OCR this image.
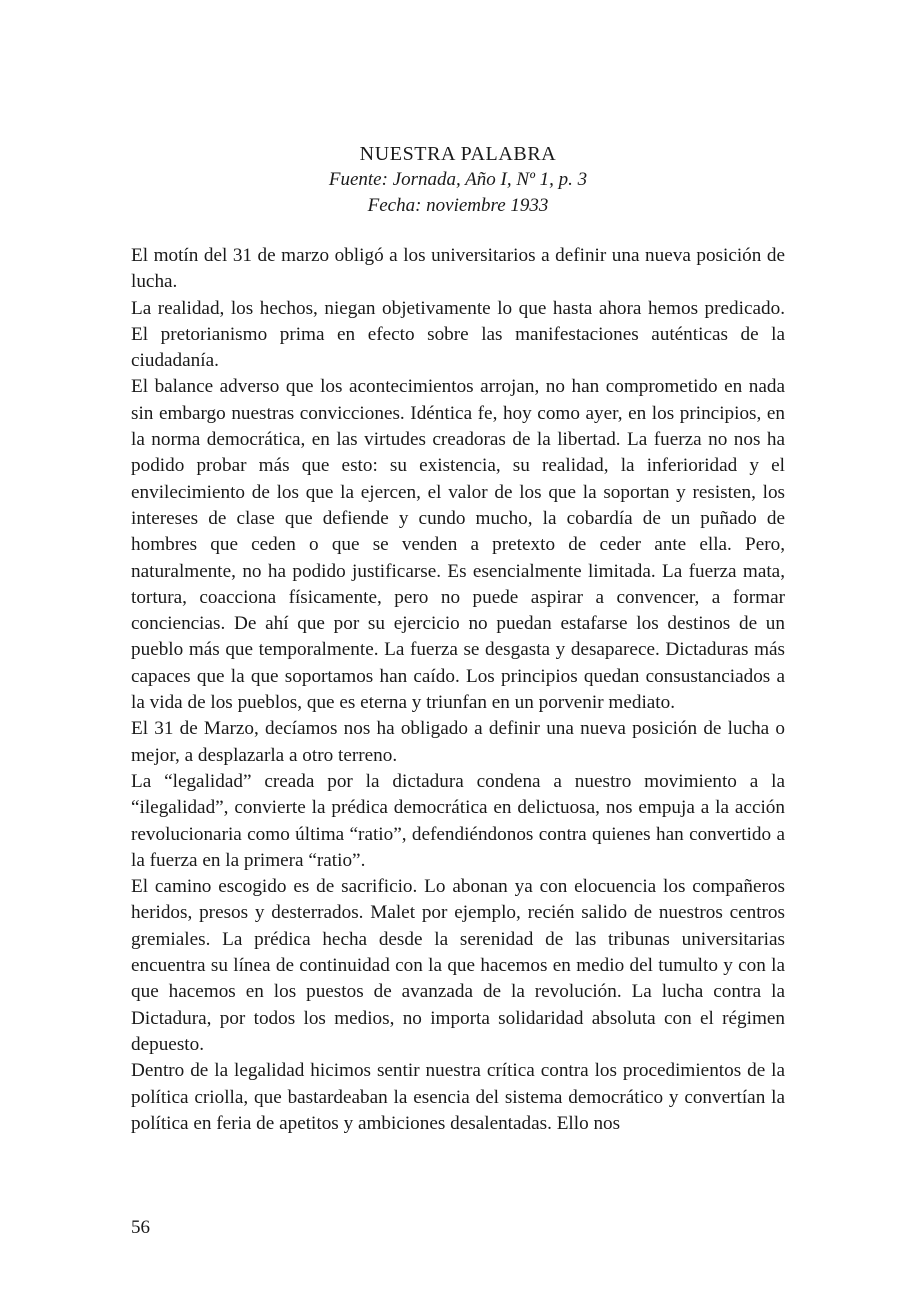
NUESTRA PALABRA

Fuente: Jornada, Año I, Nº 1, p. 3

Fecha: noviembre 1933

El motín del 31 de marzo obligó a los universitarios a definir una nueva posición de lucha.

La realidad, los hechos, niegan objetivamente lo que hasta ahora hemos predicado. El pretorianismo prima en efecto sobre las manifestaciones auténticas de la ciudadanía.

El balance adverso que los acontecimientos arrojan, no han comprometido en nada sin embargo nuestras convicciones. Idéntica fe, hoy como ayer, en los principios, en la norma democrática, en las virtudes creadoras de la libertad. La fuerza no nos ha podido probar más que esto: su existencia, su realidad, la inferioridad y el envilecimiento de los que la ejercen, el valor de los que la soportan y resisten, los intereses de clase que defiende y cundo mucho, la cobardía de un puñado de hombres que ceden o que se venden a pretexto de ceder ante ella. Pero, naturalmente, no ha podido justificarse. Es esencialmente limitada. La fuerza mata, tortura, coacciona físicamente, pero no puede aspirar a convencer, a formar conciencias. De ahí que por su ejercicio no puedan estafarse los destinos de un pueblo más que temporalmente. La fuerza se desgasta y desaparece. Dictaduras más capaces que la que soportamos han caído. Los principios quedan consustanciados a la vida de los pueblos, que es eterna y triunfan en un porvenir mediato.

El 31 de Marzo, decíamos nos ha obligado a definir una nueva posición de lucha o mejor, a desplazarla a otro terreno.

La “legalidad” creada por la dictadura condena a nuestro movimiento a la “ilegalidad”, convierte la prédica democrática en delictuosa, nos empuja a la acción revolucionaria como última “ratio”, defendiéndonos contra quienes han convertido a la fuerza en la primera “ratio”.

El camino escogido es de sacrificio. Lo abonan ya con elocuencia los compañeros heridos, presos y desterrados. Malet por ejemplo, recién salido de nuestros centros gremiales. La prédica hecha desde la serenidad de las tribunas universitarias encuentra su línea de continuidad con la que hacemos en medio del tumulto y con la que hacemos en los puestos de avanzada de la revolución. La lucha contra la Dictadura, por todos los medios, no importa solidaridad absoluta con el régimen depuesto.

Dentro de la legalidad hicimos sentir nuestra crítica contra los procedimientos de la política criolla, que bastardeaban la esencia del sistema democrático y convertían la política en feria de apetitos y ambiciones desalentadas. Ello nos

56
